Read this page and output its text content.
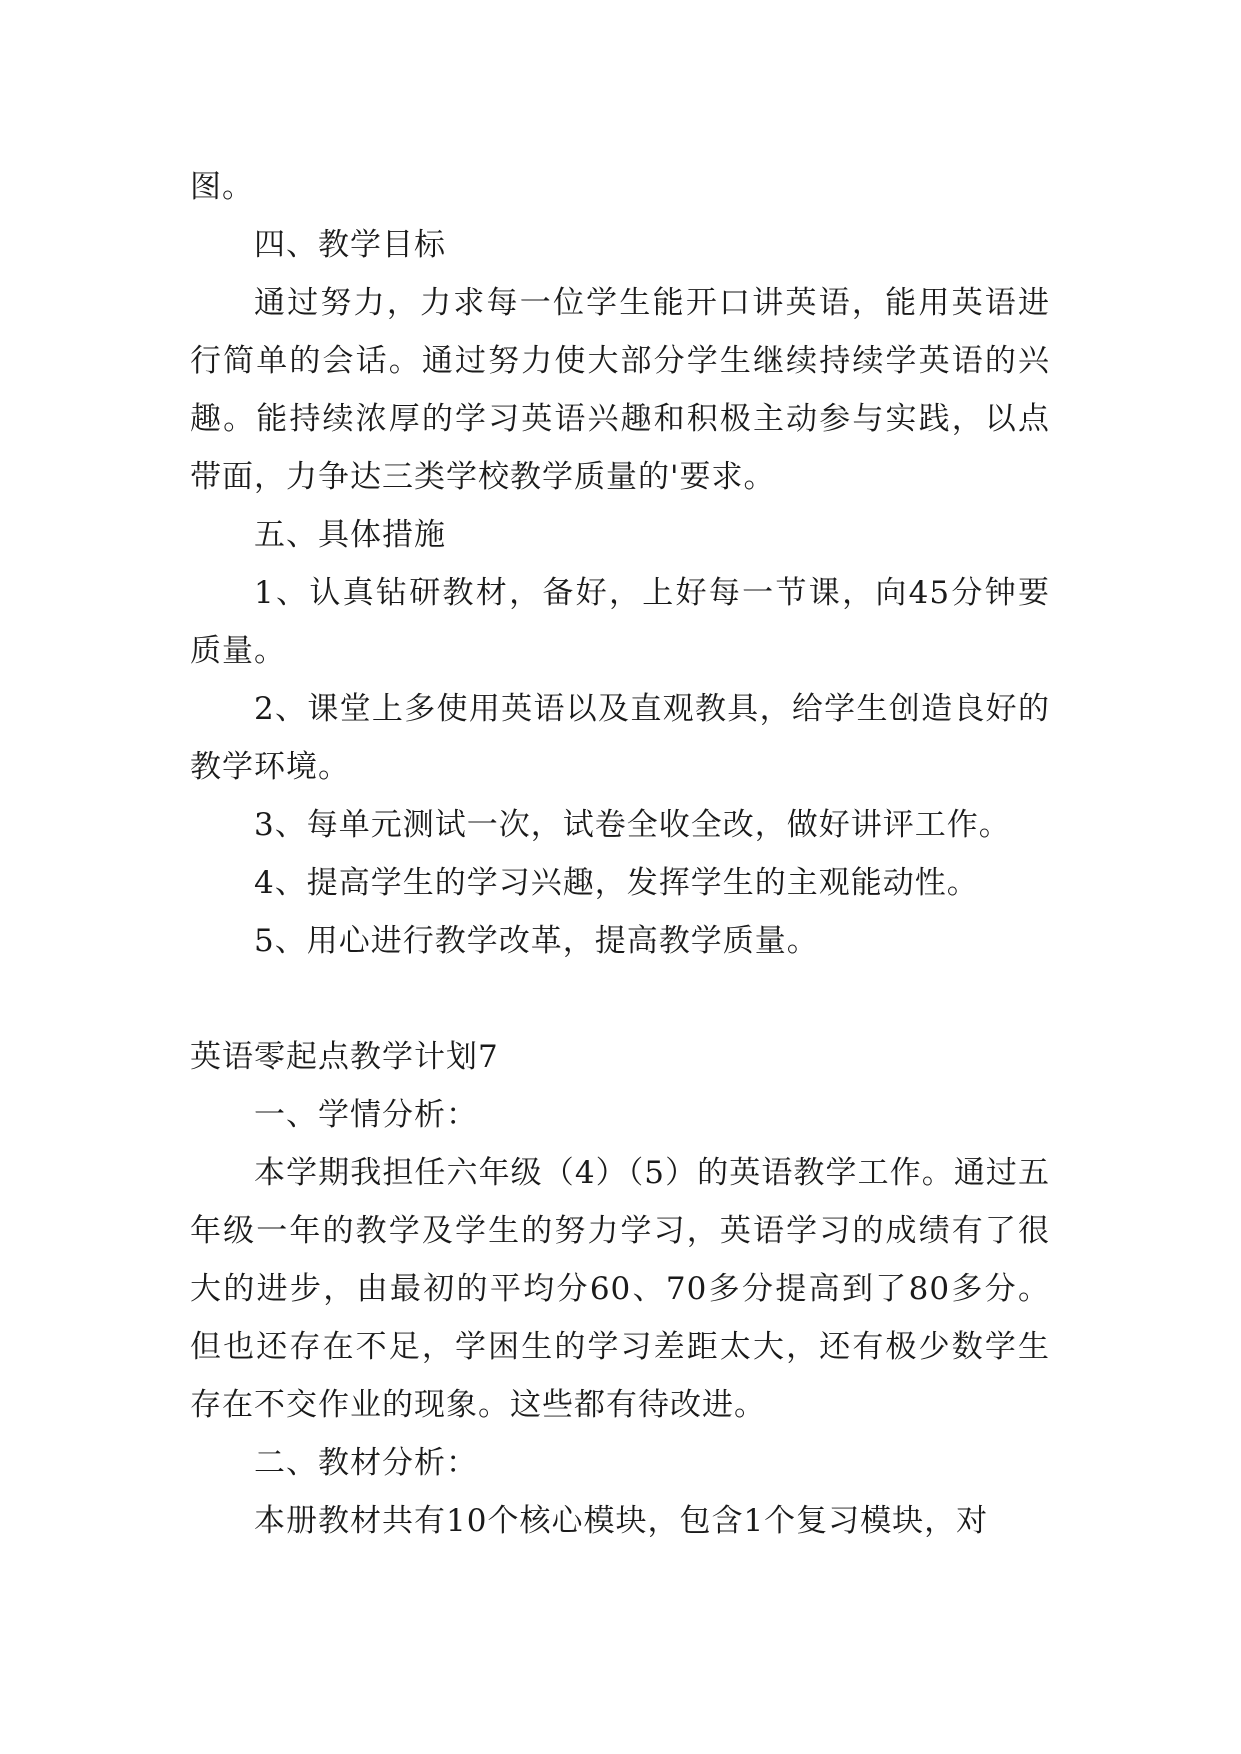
图。

四、教学目标

通过努力，力求每一位学生能开口讲英语，能用英语进行简单的会话。通过努力使大部分学生继续持续学英语的兴趣。能持续浓厚的学习英语兴趣和积极主动参与实践，以点带面，力争达三类学校教学质量的'要求。

五、具体措施

1、认真钻研教材，备好，上好每一节课，向45分钟要质量。

2、课堂上多使用英语以及直观教具，给学生创造良好的教学环境。

3、每单元测试一次，试卷全收全改，做好讲评工作。

4、提高学生的学习兴趣，发挥学生的主观能动性。

5、用心进行教学改革，提高教学质量。

英语零起点教学计划7

一、学情分析：

本学期我担任六年级（4）（5）的英语教学工作。通过五年级一年的教学及学生的努力学习，英语学习的成绩有了很大的进步，由最初的平均分60、70多分提高到了80多分。但也还存在不足，学困生的学习差距太大，还有极少数学生存在不交作业的现象。这些都有待改进。

二、教材分析：

本册教材共有10个核心模块，包含1个复习模块，对
